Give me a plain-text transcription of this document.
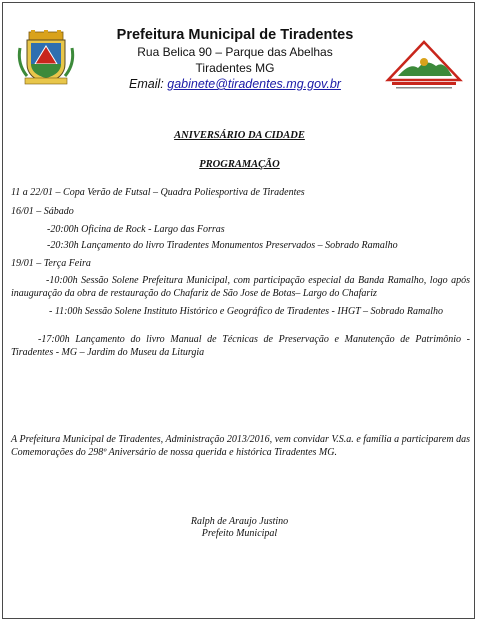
Prefeitura Municipal de Tiradentes
Rua Belica 90 – Parque das Abelhas
Tiradentes MG
Email: gabinete@tiradentes.mg.gov.br
ANIVERSÁRIO DA CIDADE
PROGRAMAÇÃO
11 a 22/01 – Copa Verão de Futsal – Quadra Poliesportiva de Tiradentes
16/01 – Sábado
-20:00h Oficina de Rock - Largo das Forras
-20:30h Lançamento do livro Tiradentes Monumentos Preservados – Sobrado Ramalho
19/01 – Terça Feira
-10:00h Sessão Solene Prefeitura Municipal, com participação especial da Banda Ramalho, logo após inauguração da obra de restauração do Chafariz de São Jose de Botas– Largo do Chafariz
- 11:00h Sessão Solene Instituto Histórico e Geográfico de Tiradentes - IHGT – Sobrado Ramalho
-17:00h Lançamento do livro Manual de Técnicas de Preservação e Manutenção de Patrimônio - Tiradentes - MG – Jardim do Museu da Liturgia
A Prefeitura Municipal de Tiradentes, Administração 2013/2016, vem convidar V.S.a. e família a participarem das Comemorações do 298º Aniversário de nossa querida e histórica Tiradentes MG.
Ralph de Araujo Justino
Prefeito Municipal
